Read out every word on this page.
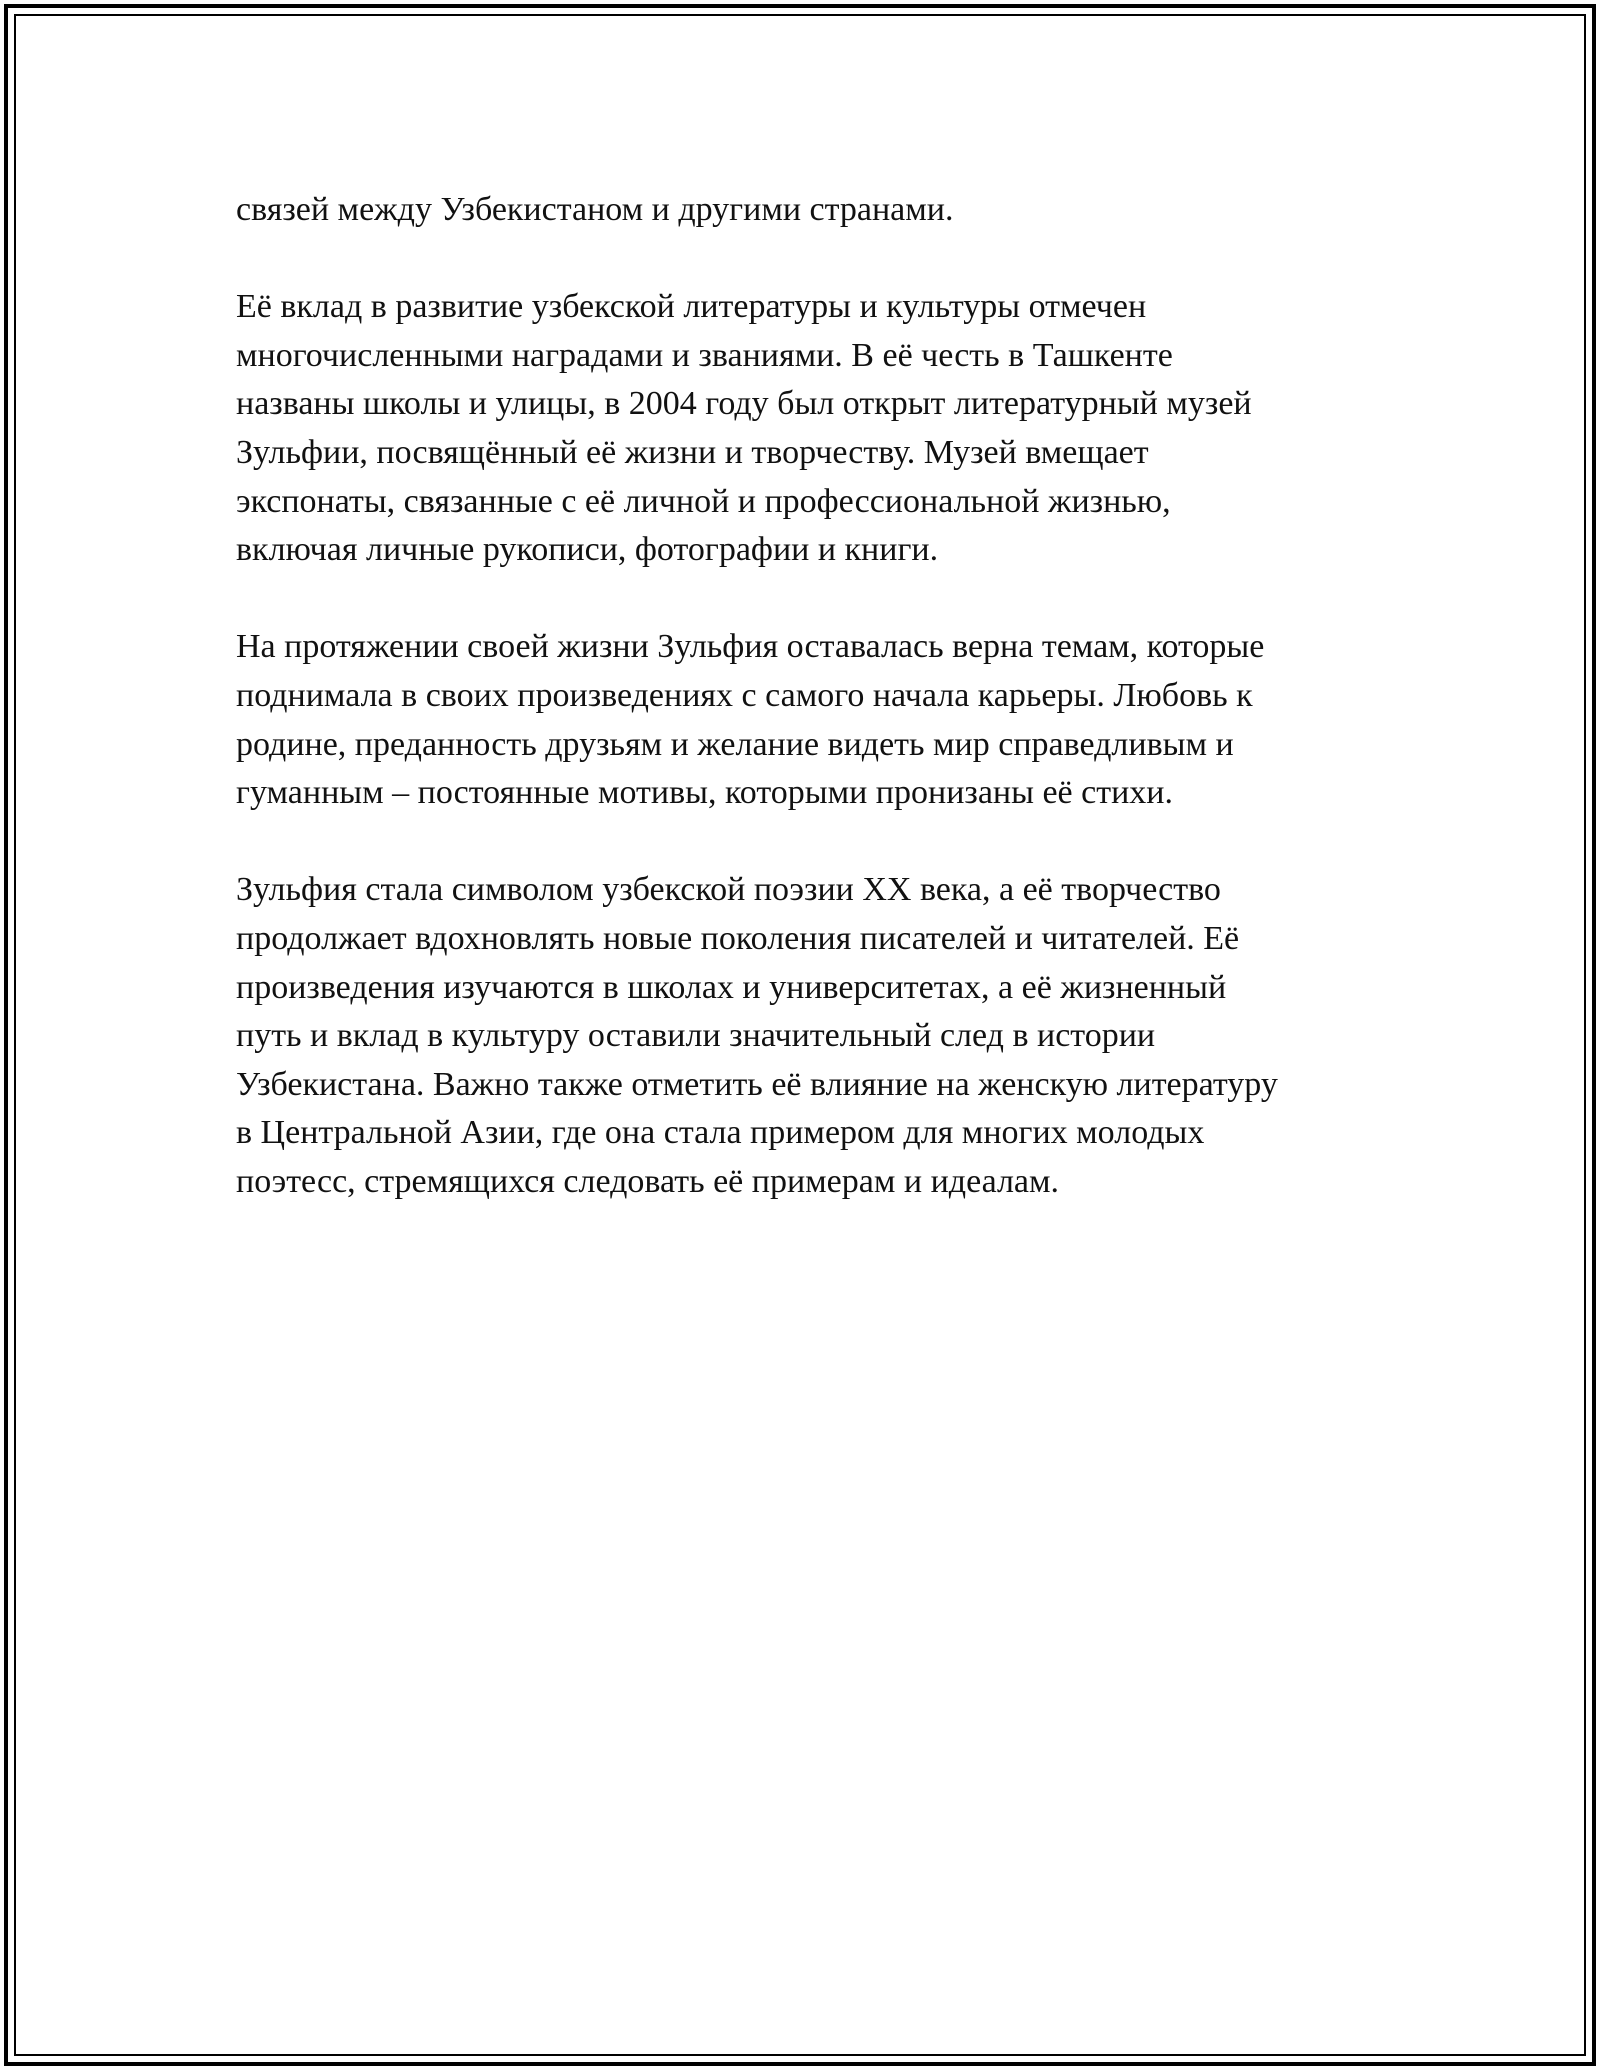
связей между Узбекистаном и другими странами.

Её вклад в развитие узбекской литературы и культуры отмечен
многочисленными наградами и званиями. В её честь в Ташкенте
названы школы и улицы, в 2004 году был открыт литературный музей
Зульфии, посвящённый её жизни и творчеству. Музей вмещает
экспонаты, связанные с её личной и профессиональной жизнью,
включая личные рукописи, фотографии и книги.

На протяжении своей жизни Зульфия оставалась верна темам, которые
поднимала в своих произведениях с самого начала карьеры. Любовь к
родине, преданность друзьям и желание видеть мир справедливым и
гуманным – постоянные мотивы, которыми пронизаны её стихи.

Зульфия стала символом узбекской поэзии XX века, а её творчество
продолжает вдохновлять новые поколения писателей и читателей. Её
произведения изучаются в школах и университетах, а её жизненный
путь и вклад в культуру оставили значительный след в истории
Узбекистана. Важно также отметить её влияние на женскую литературу
в Центральной Азии, где она стала примером для многих молодых
поэтесс, стремящихся следовать её примерам и идеалам.
